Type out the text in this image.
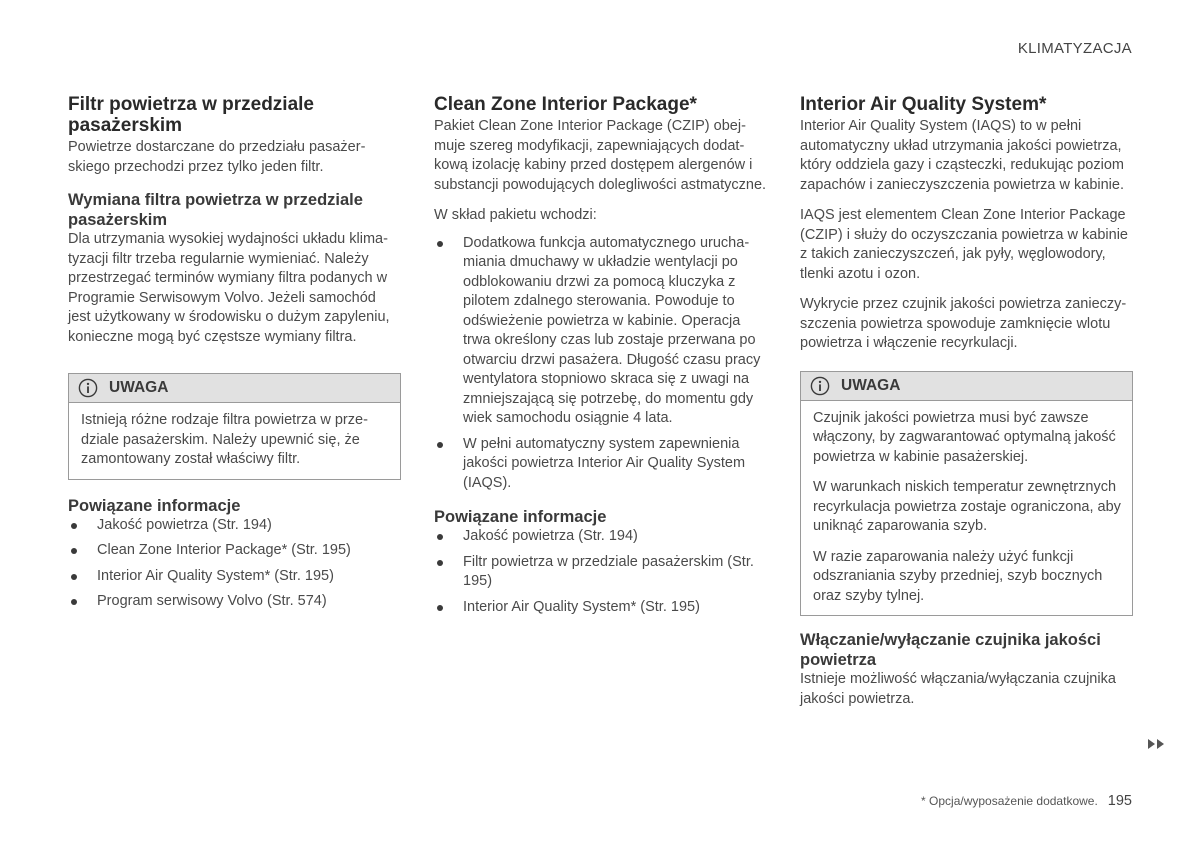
KLIMATYZACJA
Filtr powietrza w przedziale pasażerskim

Powietrze dostarczane do przedziału pasażerskiego przechodzi przez tylko jeden filtr.

Wymiana filtra powietrza w przedziale pasażerskim

Dla utrzymania wysokiej wydajności układu klimatyzacji filtr trzeba regularnie wymieniać. Należy przestrzegać terminów wymiany filtra podanych w Programie Serwisowym Volvo. Jeżeli samochód jest użytkowany w środowisku o dużym zapyleniu, konieczne mogą być częstsze wymiany filtra.

UWAGA

Istnieją różne rodzaje filtra powietrza w przedziale pasażerskim. Należy upewnić się, że zamontowany został właściwy filtr.

Powiązane informacje
Jakość powietrza (Str. 194)
Clean Zone Interior Package* (Str. 195)
Interior Air Quality System* (Str. 195)
Program serwisowy Volvo (Str. 574)
Clean Zone Interior Package*

Pakiet Clean Zone Interior Package (CZIP) obejmuje szereg modyfikacji, zapewniających dodatkową izolację kabiny przed dostępem alergenów i substancji powodujących dolegliwości astmatyczne.

W skład pakietu wchodzi:

Dodatkowa funkcja automatycznego uruchamiania dmuchawy w układzie wentylacji po odblokowaniu drzwi za pomocą kluczyka z pilotem zdalnego sterowania. Powoduje to odświeżenie powietrza w kabinie. Operacja trwa określony czas lub zostaje przerwana po otwarciu drzwi pasażera. Długość czasu pracy wentylatora stopniowo skraca się z uwagi na zmniejszającą się potrzebę, do momentu gdy wiek samochodu osiągnie 4 lata.
W pełni automatyczny system zapewnienia jakości powietrza Interior Air Quality System (IAQS).
Powiązane informacje
Jakość powietrza (Str. 194)
Filtr powietrza w przedziale pasażerskim (Str. 195)
Interior Air Quality System* (Str. 195)
Interior Air Quality System*

Interior Air Quality System (IAQS) to w pełni automatyczny układ utrzymania jakości powietrza, który oddziela gazy i cząsteczki, redukując poziom zapachów i zanieczyszczenia powietrza w kabinie.

IAQS jest elementem Clean Zone Interior Package (CZIP) i służy do oczyszczania powietrza w kabinie z takich zanieczyszczeń, jak pyły, węglowodory, tlenki azotu i ozon.

Wykrycie przez czujnik jakości powietrza zanieczyszczenia powietrza spowoduje zamknięcie wlotu powietrza i włączenie recyrkulacji.

UWAGA

Czujnik jakości powietrza musi być zawsze włączony, by zagwarantować optymalną jakość powietrza w kabinie pasażerskiej.

W warunkach niskich temperatur zewnętrznych recyrkulacja powietrza zostaje ograniczona, aby uniknąć zaparowania szyb.

W razie zaparowania należy użyć funkcji odszraniania szyby przedniej, szyb bocznych oraz szyby tylnej.

Włączanie/wyłączanie czujnika jakości powietrza

Istnieje możliwość włączania/wyłączania czujnika jakości powietrza.

* Opcja/wyposażenie dodatkowe. 195
